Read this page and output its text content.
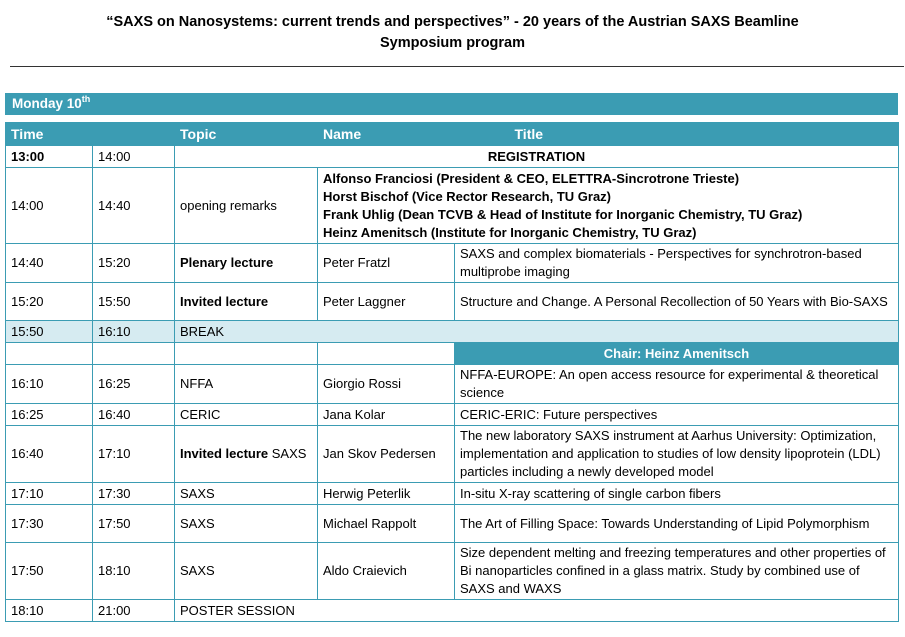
“SAXS on Nanosystems: current trends and perspectives” - 20 years of the Austrian SAXS Beamline
Symposium program
Monday 10th
Time		Topic	Name	Title	
13:00	14:00	REGISTRATION			
14:00	14:40	opening remarks	Alfonso Franciosi (President & CEO, ELETTRA-Sincrotrone Trieste)
Horst Bischof (Vice Rector Research, TU Graz)
Frank Uhlig (Dean TCVB & Head of Institute for Inorganic Chemistry, TU Graz)
Heinz Amenitsch (Institute for Inorganic Chemistry, TU Graz)		

14:40	15:20	Plenary lecture	Peter Fratzl	SAXS and complex biomaterials - Perspectives for synchrotron-based multiprobe imaging	
15:20	15:50	Invited lecture	Peter Laggner	Structure and Change. A Personal Recollection of 50 Years with Bio-SAXS	
15:50	16:10	BREAK			
				Chair: Heinz Amenitsch	
16:10	16:25	NFFA	Giorgio Rossi	NFFA-EUROPE: An open access resource for experimental & theoretical science	
16:25	16:40	CERIC	Jana Kolar	CERIC-ERIC: Future perspectives	
16:40	17:10	Invited lecture SAXS	Jan Skov Pedersen	The new laboratory SAXS instrument at Aarhus University: Optimization, implementation and application to studies of low density lipoprotein (LDL) particles including a newly developed model	
17:10	17:30	SAXS	Herwig Peterlik	In-situ X-ray scattering of single carbon fibers	
17:30	17:50	SAXS	Michael Rappolt	The Art of Filling Space: Towards Understanding of Lipid Polymorphism	
17:50	18:10	SAXS	Aldo Craievich	Size dependent melting and freezing temperatures and other properties of Bi nanoparticles confined in a glass matrix. Study by combined use of SAXS and WAXS	
18:10	21:00	POSTER SESSION			
